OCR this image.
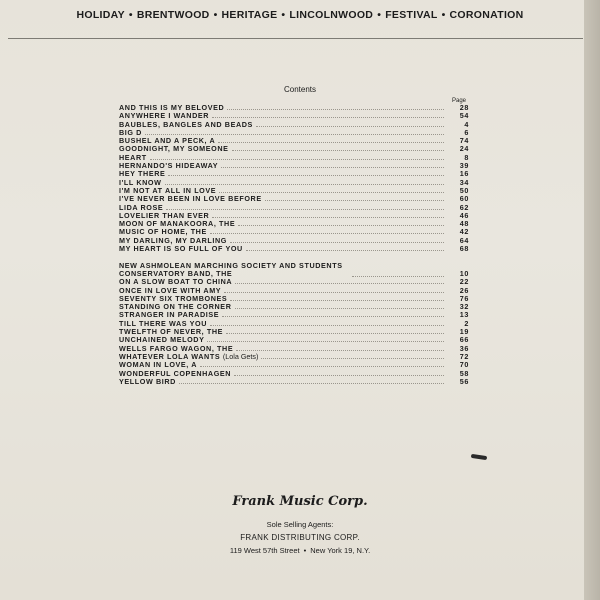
HOLIDAY • BRENTWOOD • HERITAGE • LINCOLNWOOD • FESTIVAL • CORONATION
Contents
Page
AND THIS IS MY BELOVED	28
ANYWHERE I WANDER	54
BAUBLES, BANGLES AND BEADS	4
BIG D	6
BUSHEL AND A PECK, A	74
GOODNIGHT, MY SOMEONE	24
HEART	8
HERNANDO'S HIDEAWAY	39
HEY THERE	16
I'LL KNOW	34
I'M NOT AT ALL IN LOVE	50
I'VE NEVER BEEN IN LOVE BEFORE	60
LIDA ROSE	62
LOVELIER THAN EVER	46
MOON OF MANAKOORA, THE	48
MUSIC OF HOME, THE	42
MY DARLING, MY DARLING	64
MY HEART IS SO FULL OF YOU	68
NEW ASHMOLEAN MARCHING SOCIETY AND STUDENTS CONSERVATORY BAND, THE	10
ON A SLOW BOAT TO CHINA	22
ONCE IN LOVE WITH AMY	26
SEVENTY SIX TROMBONES	76
STANDING ON THE CORNER	32
STRANGER IN PARADISE	13
TILL THERE WAS YOU	2
TWELFTH OF NEVER, THE	19
UNCHAINED MELODY	66
WELLS FARGO WAGON, THE	36
WHATEVER LOLA WANTS (Lola Gets)	72
WOMAN IN LOVE, A	70
WONDERFUL COPENHAGEN	58
YELLOW BIRD	56
Frank Music Corp.
Sole Selling Agents:
FRANK DISTRIBUTING CORP.
119 West 57th Street • New York 19, N.Y.
